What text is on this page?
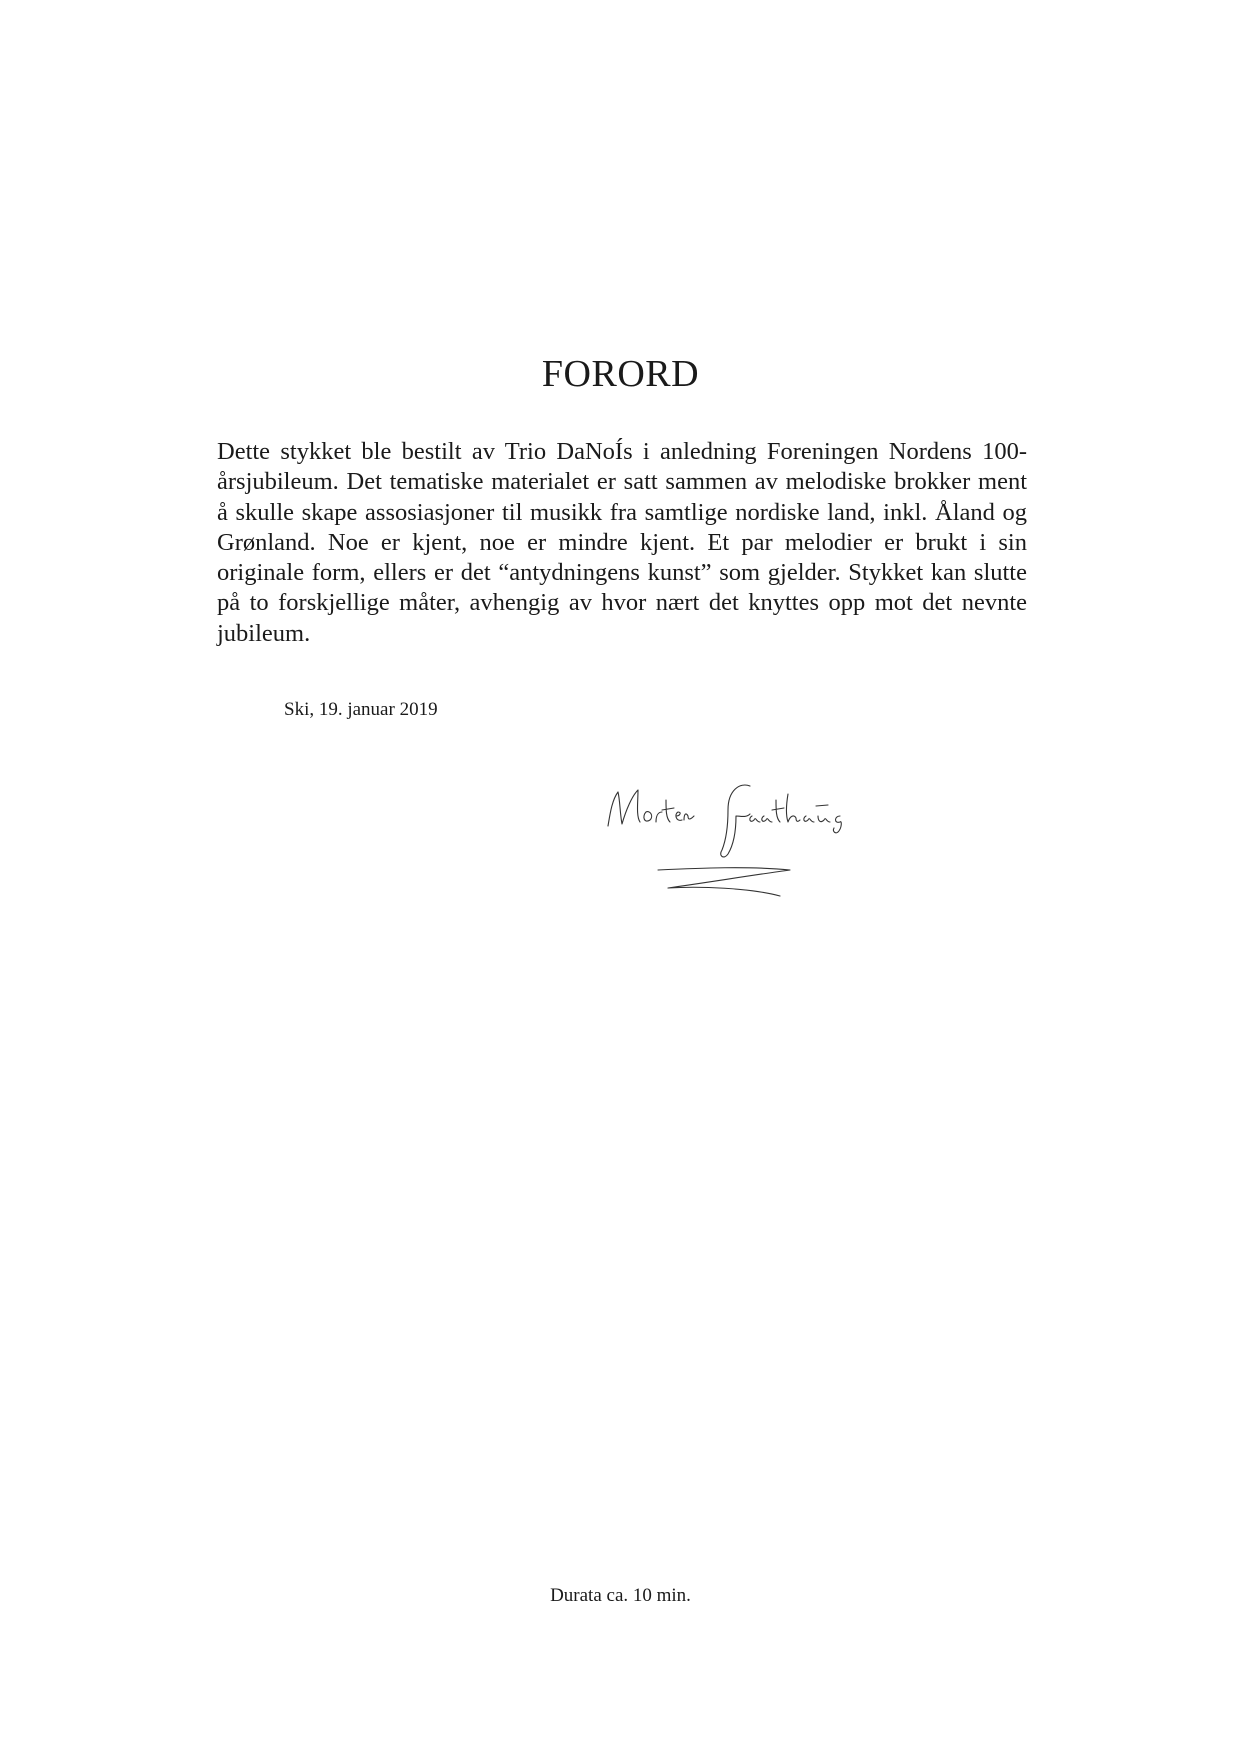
FORORD

Dette stykket ble bestilt av Trio DaNoÍs i anledning Foreningen Nordens 100-årsjubileum. Det tematiske materialet er satt sammen av melodiske brokker ment å skulle skape assosiasjoner til musikk fra samtlige nordiske land, inkl. Åland og Grønland. Noe er kjent, noe er mindre kjent. Et par melodier er brukt i sin originale form, ellers er det “antydningens kunst” som gjelder. Stykket kan slutte på to forskjellige måter, avhengig av hvor nært det knyttes opp mot det nevnte jubileum.

Ski, 19. januar 2019

Durata ca. 10 min.
